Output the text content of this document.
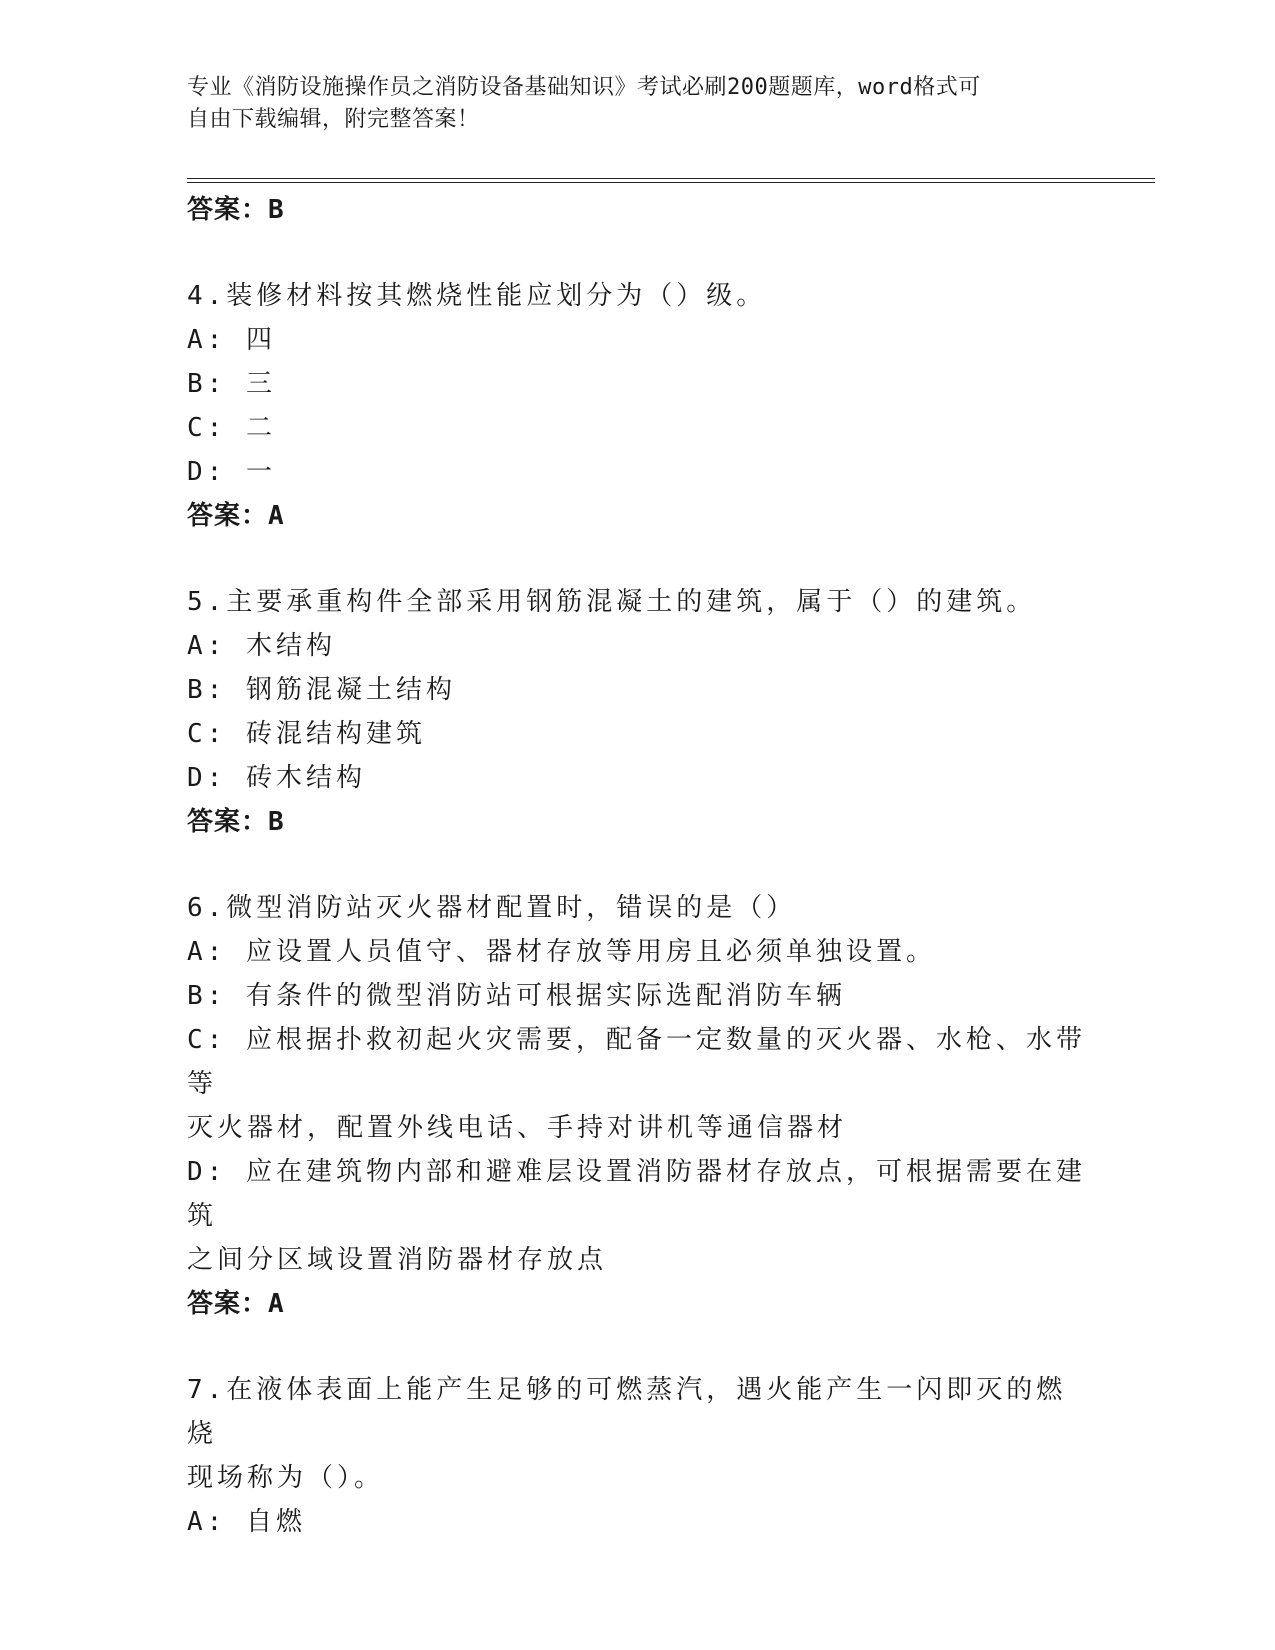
专业《消防设施操作员之消防设备基础知识》考试必刷200题题库，word格式可
自由下载编辑，附完整答案！

答案：B

4.装修材料按其燃烧性能应划分为（）级。

A: 四

B: 三

C: 二

D: 一

答案：A

5.主要承重构件全部采用钢筋混凝土的建筑，属于（）的建筑。

A: 木结构

B: 钢筋混凝土结构

C: 砖混结构建筑

D: 砖木结构

答案：B

6.微型消防站灭火器材配置时，错误的是（）

A: 应设置人员值守、器材存放等用房且必须单独设置。

B: 有条件的微型消防站可根据实际选配消防车辆

C: 应根据扑救初起火灾需要，配备一定数量的灭火器、水枪、水带等

灭火器材，配置外线电话、手持对讲机等通信器材

D: 应在建筑物内部和避难层设置消防器材存放点，可根据需要在建筑

之间分区域设置消防器材存放点

答案：A

7.在液体表面上能产生足够的可燃蒸汽，遇火能产生一闪即灭的燃烧

现场称为（）。

A: 自燃
